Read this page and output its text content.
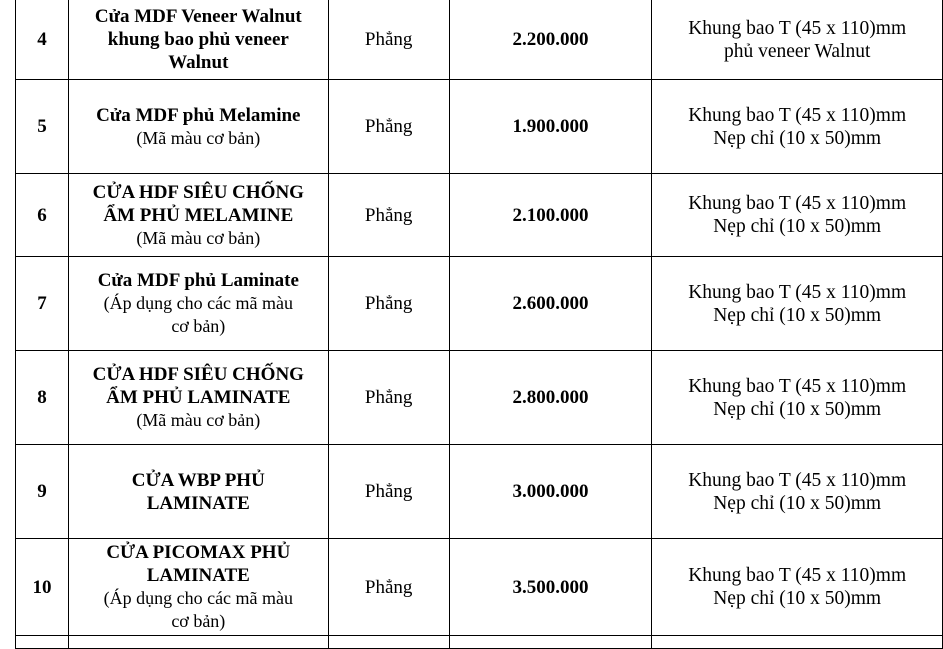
4	Cửa MDF Veneer Walnut
khung bao phủ veneer
Walnut	Phẳng	2.200.000	Khung bao T (45 x 110)mm
phủ veneer Walnut

5	Cửa MDF phủ Melamine
(Mã màu cơ bản)	Phẳng	1.900.000	Khung bao T (45 x 110)mm
Nẹp chỉ (10 x 50)mm

6	CỬA HDF SIÊU CHỐNG
ẨM PHỦ MELAMINE
(Mã màu cơ bản)	Phẳng	2.100.000	Khung bao T (45 x 110)mm
Nẹp chỉ (10 x 50)mm

7	Cửa MDF phủ Laminate
(Áp dụng cho các mã màu
cơ bản)	Phẳng	2.600.000	Khung bao T (45 x 110)mm
Nẹp chỉ (10 x 50)mm

8	CỬA HDF SIÊU CHỐNG
ẨM PHỦ LAMINATE
(Mã màu cơ bản)	Phẳng	2.800.000	Khung bao T (45 x 110)mm
Nẹp chỉ (10 x 50)mm

9	CỬA WBP PHỦ
LAMINATE	Phẳng	3.000.000	Khung bao T (45 x 110)mm
Nẹp chỉ (10 x 50)mm

10	CỬA PICOMAX PHỦ
LAMINATE
(Áp dụng cho các mã màu
cơ bản)	Phẳng	3.500.000	Khung bao T (45 x 110)mm
Nẹp chỉ (10 x 50)mm
